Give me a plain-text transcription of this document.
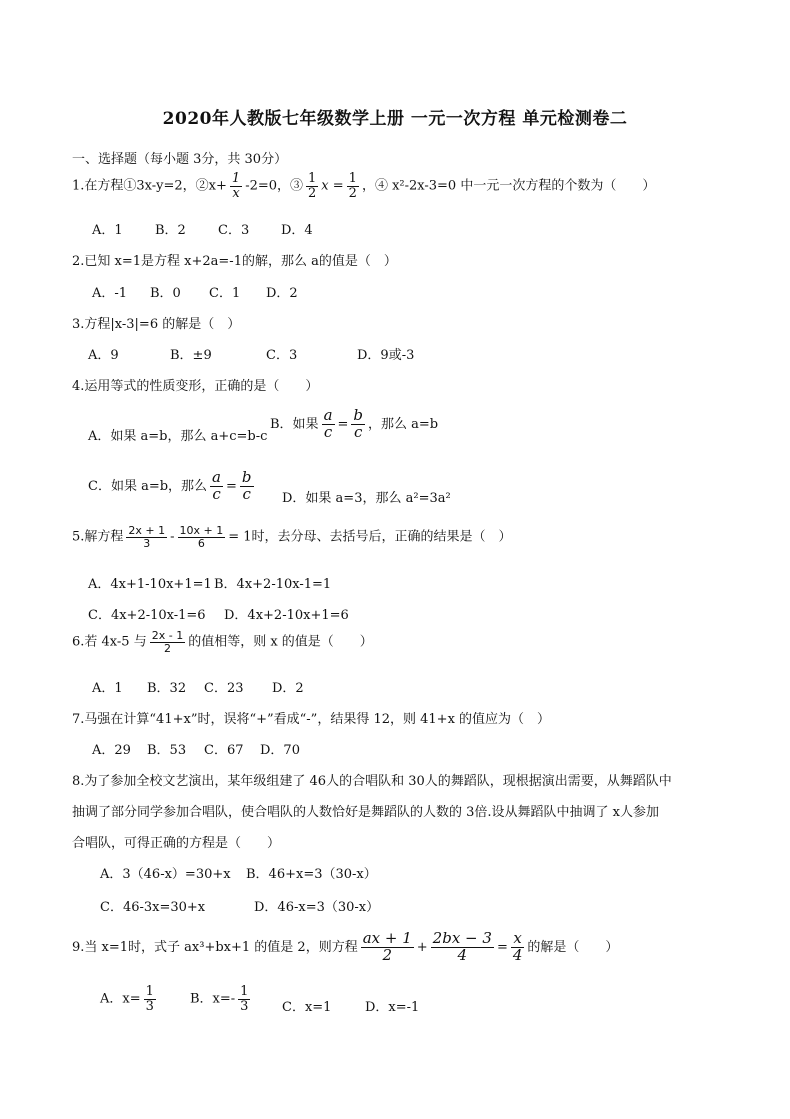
2020年人教版七年级数学上册 一元一次方程 单元检测卷二
一、选择题（每小题 3分，共 30分）
1.在方程①3x-y=2，②x+ $\frac{1}{x} -2=0$，③ $\frac{1}{2}$ $x = \frac{1}{2}$ ，④ x²-2x-3=0 中一元一次方程的个数为（　　）
A．1 B．2 C．3 D．4
2.已知 x=1是方程 x+2a=-1的解，那么 a的值是（　）
A．-1 B．0 C．1 D．2
3.方程|x-3|=6 的解是（　）
A．9	B．±9	C．3	D．9或-3
4.运用等式的性质变形，正确的是（　　）
A．如果 a=b，那么 a+c=b-c
B．如果 $\frac{a}{c} = \frac{b}{c}$ ，那么 a=b
C．如果 a=b，那么 $\frac{a}{c} = \frac{b}{c}$ D．如果 a=3，那么 a²=3a²
5.解方程 $\frac{2x + 1}{3} - \frac{10x + 1}{6} = 1$时，去分母、去括号后，正确的结果是（　）
A．4x+1-10x+1=1 B．4x+2-10x-1=1
C．4x+2-10x-1=6 D．4x+2-10x+1=6
6.若 4x-5 与 $\frac{2x - 1}{2}$ 的值相等，则 x 的值是（　　）
A．1 B．32 C．23 D．2
7.马强在计算“41+x”时，误将“+”看成“-”，结果得 12，则 41+x 的值应为（　）
A．29 B．53 C．67 D．70
8.为了参加全校文艺演出，某年级组建了 46人的合唱队和 30人的舞蹈队，现根据演出需要，从舞蹈队中
抽调了部分同学参加合唱队，使合唱队的人数恰好是舞蹈队的人数的 3倍.设从舞蹈队中抽调了 x人参加
合唱队，可得正确的方程是（　　）
A．3（46-x）=30+x B．46+x=3（30-x）
C．46-3x=30+x	D．46-x=3（30-x）
9.当 x=1时，式子 ax³+bx+1 的值是 2，则方程 $\frac{ax + 1}{2} + \frac{2bx - 3}{4} = \frac{x}{4}$ 的解是（　　）
A．$x= \frac{1}{3}$	B．$x=- \frac{1}{3}$ C．x=1	D．x=-1
